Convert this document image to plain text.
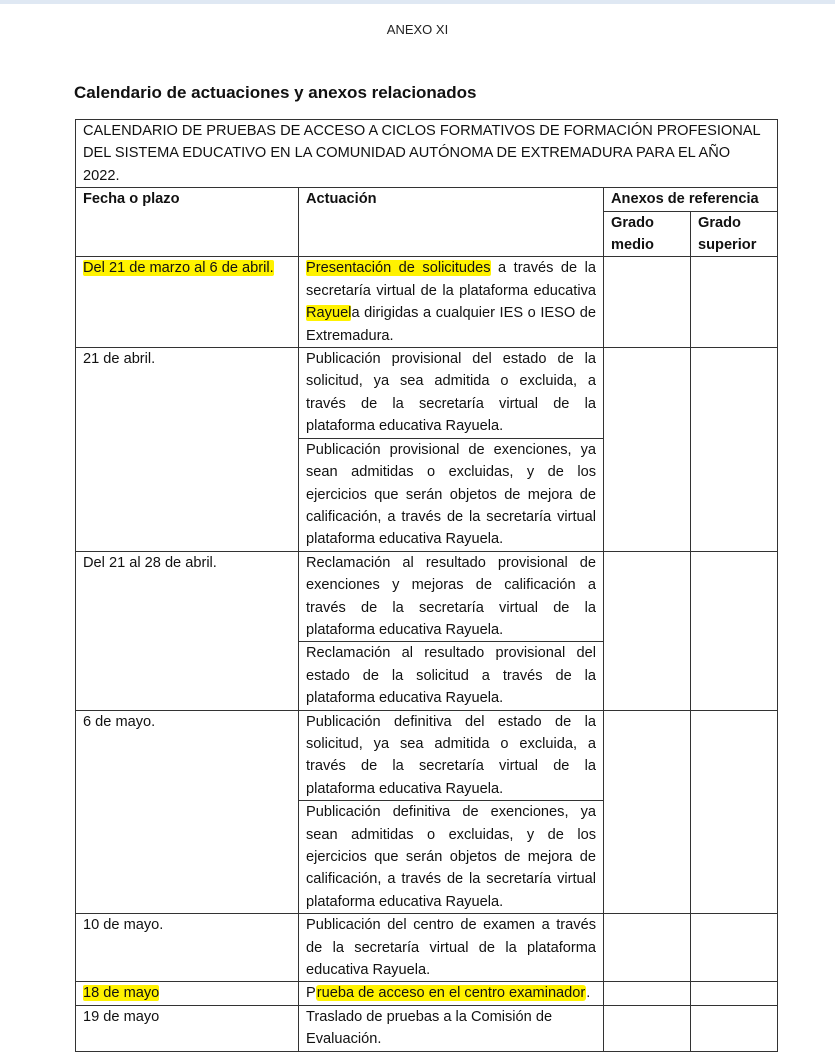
ANEXO XI
Calendario de actuaciones y anexos relacionados
CALENDARIO DE PRUEBAS DE ACCESO A CICLOS FORMATIVOS DE FORMACIÓN PROFESIONAL DEL SISTEMA EDUCATIVO EN LA COMUNIDAD AUTÓNOMA DE EXTREMADURA PARA EL AÑO 2022.			
Fecha o plazo	Actuación	Anexos de referencia	
		Grado medio	Grado superior
Del 21 de marzo al 6 de abril.	Presentación de solicitudes a través de la secretaría virtual de la plataforma educativa Rayuela dirigidas a cualquier IES o IESO de Extremadura.		
21 de abril.	Publicación provisional del estado de la solicitud, ya sea admitida o excluida, a través de la secretaría virtual de la plataforma educativa Rayuela.		
	Publicación provisional de exenciones, ya sean admitidas o excluidas, y de los ejercicios que serán objetos de mejora de calificación, a través de la secretaría virtual plataforma educativa Rayuela.		
Del 21 al 28 de abril.	Reclamación al resultado provisional de exenciones y mejoras de calificación a través de la secretaría virtual de la plataforma educativa Rayuela.		
	Reclamación al resultado provisional del estado de la solicitud a través de la plataforma educativa Rayuela.		
6 de mayo.	Publicación definitiva del estado de la solicitud, ya sea admitida o excluida, a través de la secretaría virtual de la plataforma educativa Rayuela.		
	Publicación definitiva de exenciones, ya sean admitidas o excluidas, y de los ejercicios que serán objetos de mejora de calificación, a través de la secretaría virtual plataforma educativa Rayuela.		
10 de mayo.	Publicación del centro de examen a través de la secretaría virtual de la plataforma educativa Rayuela.		
18 de mayo	Prueba de acceso en el centro examinador.		
19 de mayo	Traslado de pruebas a la Comisión de Evaluación.		
